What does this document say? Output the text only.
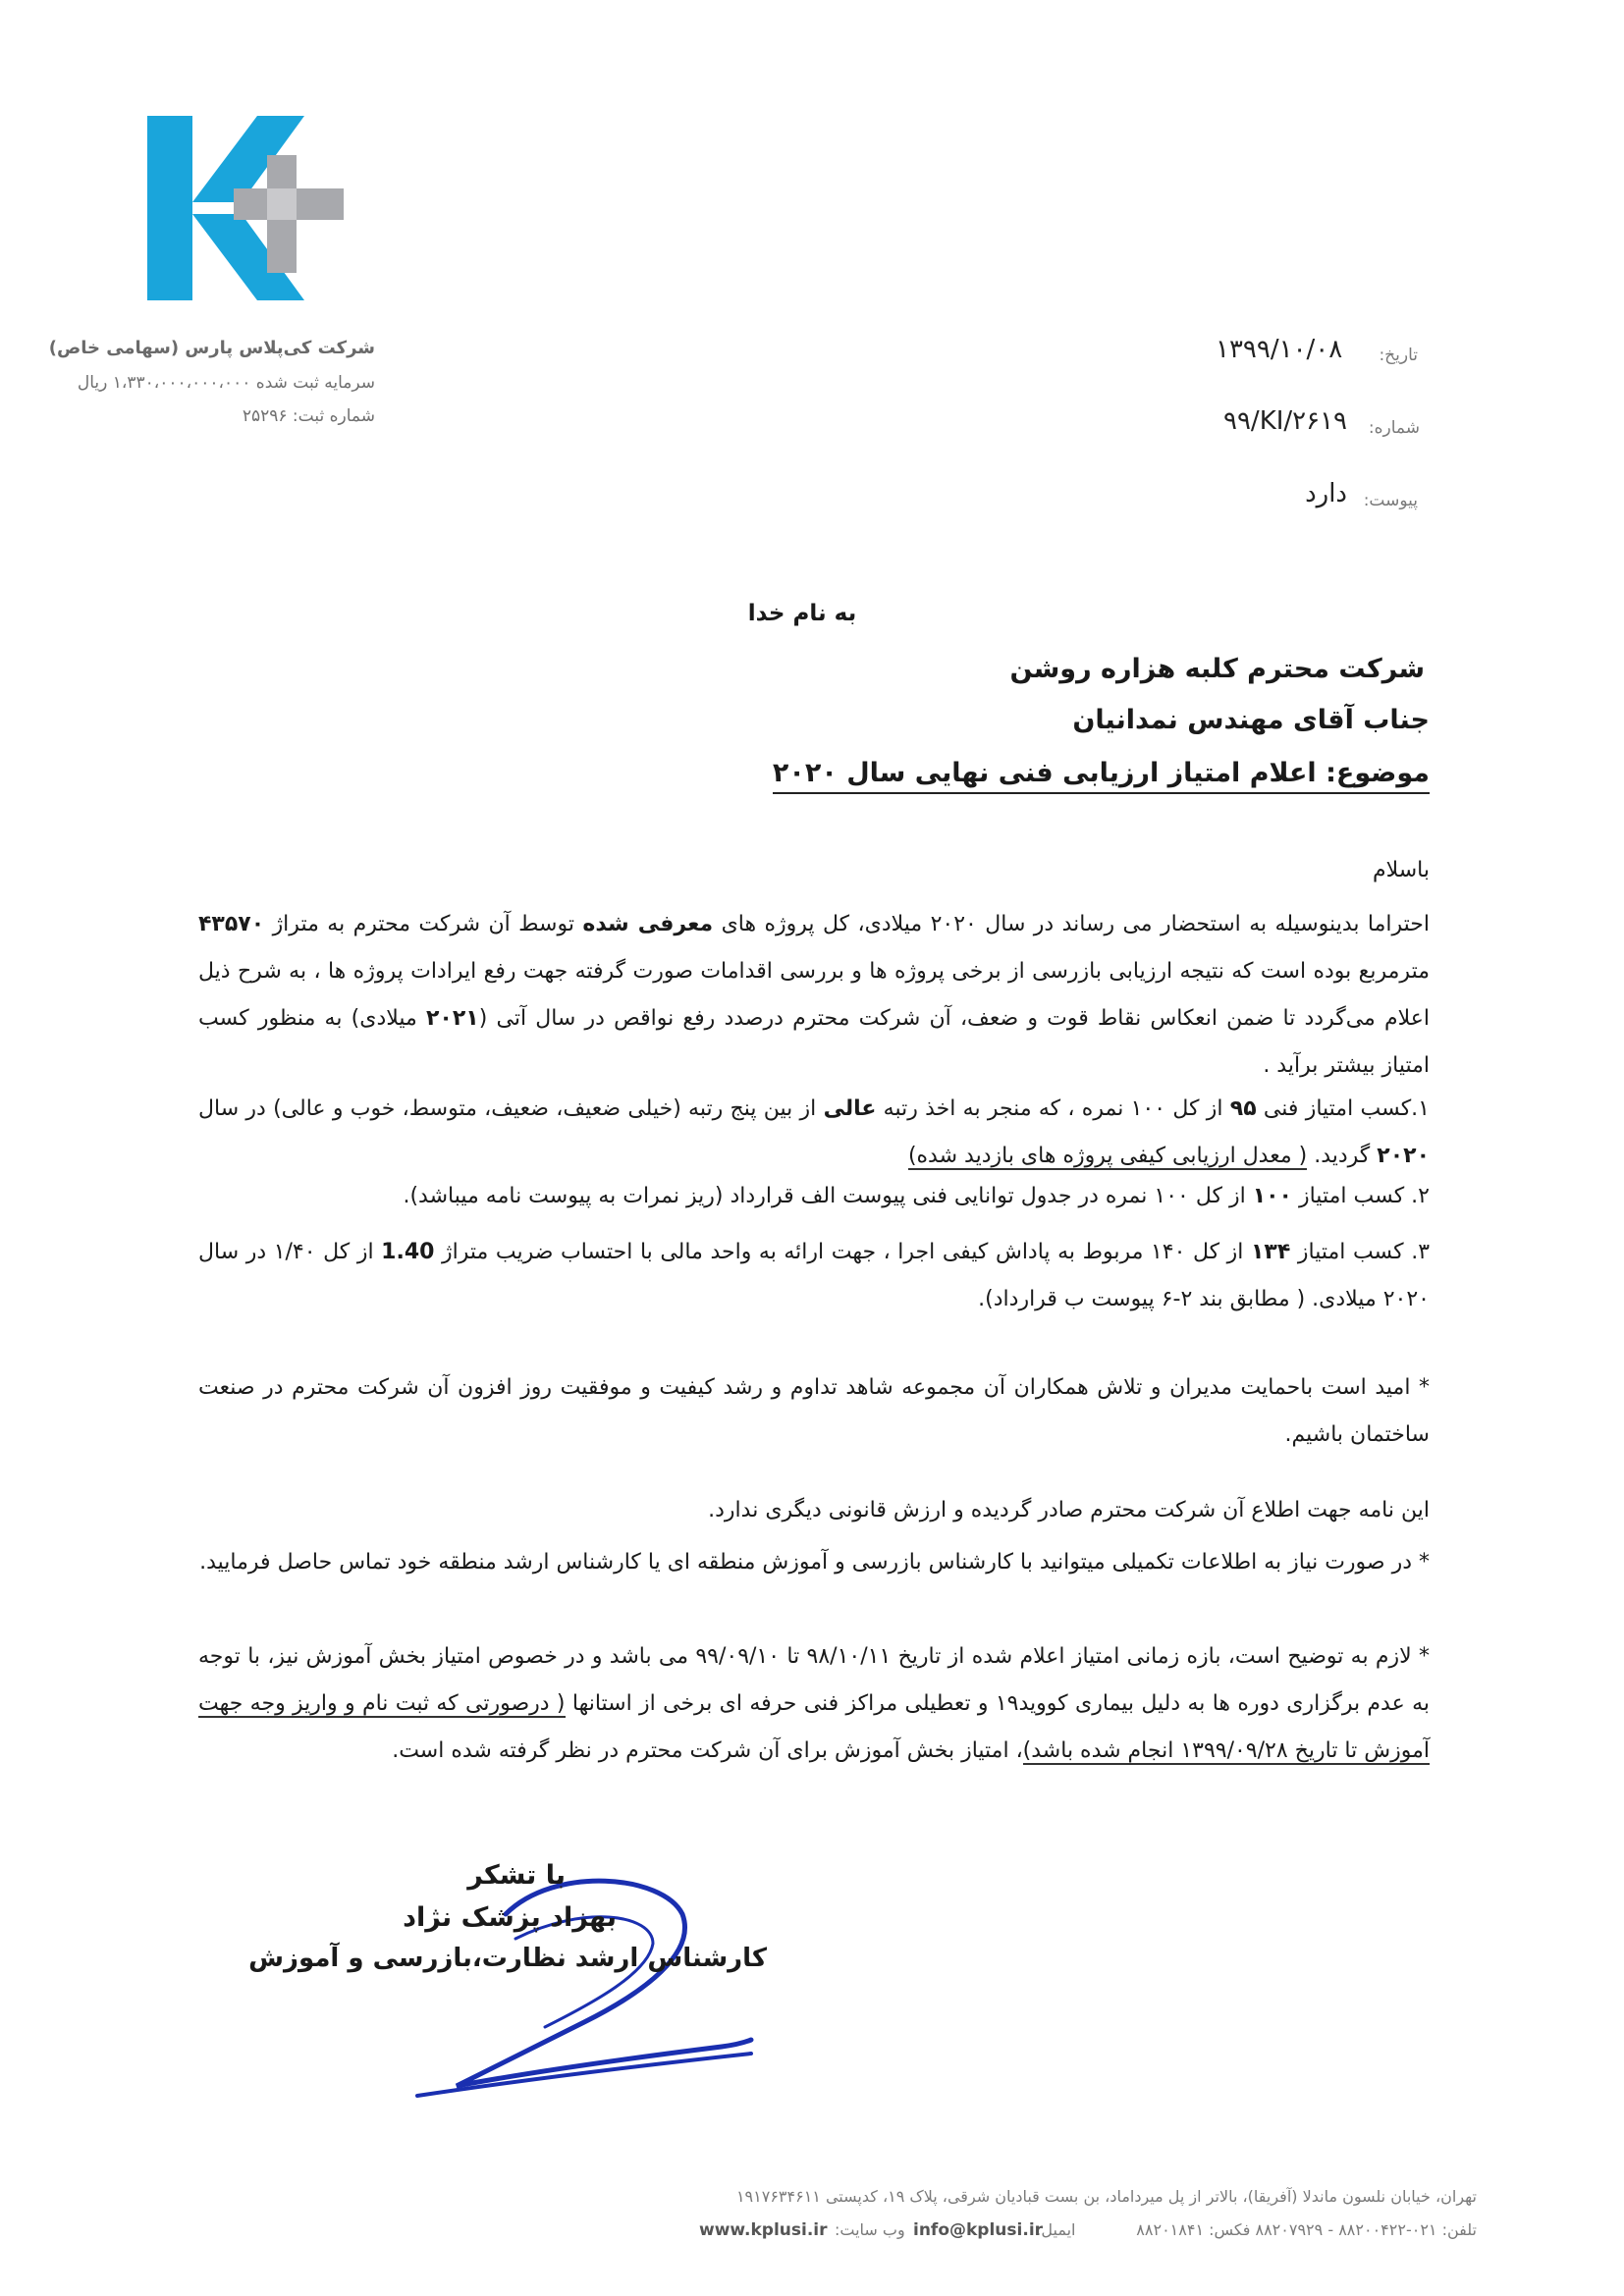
شرکت کی‌پلاس پارس (سهامی خاص)
سرمایه ثبت شده ۱،۳۳۰،۰۰۰،۰۰۰،۰۰۰ ریال
شماره ثبت: ۲۵۲۹۶
تاریخ:
۱۳۹۹/۱۰/۰۸
شماره:
۹۹/KI/۲۶۱۹
پیوست:
دارد
به نام خدا
شرکت محترم کلبه هزاره روشن
جناب آقای مهندس نمدانیان
موضوع: اعلام امتیاز ارزیابی فنی نهایی سال ۲۰۲۰
باسلام
احتراما بدینوسیله به استحضار می رساند در سال ۲۰۲۰ میلادی، کل پروژه های معرفی شده توسط آن شرکت محترم به متراژ ۴۳۵۷۰ مترمربع بوده است که نتیجه ارزیابی بازرسی از برخی پروژه ها و بررسی اقدامات صورت گرفته جهت رفع ایرادات پروژه ها ، به شرح ذیل اعلام می‌گردد تا ضمن انعکاس نقاط قوت و ضعف، آن شرکت محترم درصدد رفع نواقص در سال آتی (۲۰۲۱ میلادی) به منظور کسب امتیاز بیشتر برآید .
۱.کسب امتیاز فنی ۹۵ از کل ۱۰۰ نمره ، که منجر به اخذ رتبه عالی از بین پنج رتبه (خیلی ضعیف، ضعیف، متوسط، خوب و عالی) در سال ۲۰۲۰ گردید. ( معدل ارزیابی کیفی پروژه های بازدید شده)
۲. کسب امتیاز ۱۰۰ از کل ۱۰۰ نمره در جدول توانایی فنی پیوست الف قرارداد (ریز نمرات به پیوست نامه میباشد).
۳. کسب امتیاز ۱۳۴ از کل ۱۴۰ مربوط به پاداش کیفی اجرا ، جهت ارائه به واحد مالی با احتساب ضریب متراژ 1.40 از کل ۱/۴۰ در سال ۲۰۲۰ میلادی. ( مطابق بند ۲-۶ پیوست ب قرارداد).
* امید است باحمایت مدیران و تلاش همکاران آن مجموعه شاهد تداوم و رشد کیفیت و موفقیت روز افزون آن شرکت محترم در صنعت ساختمان باشیم.
این نامه جهت اطلاع آن شرکت محترم صادر گردیده و ارزش قانونی دیگری ندارد.
* در صورت نیاز به اطلاعات تکمیلی میتوانید با کارشناس بازرسی و آموزش منطقه ای یا کارشناس ارشد منطقه خود تماس حاصل فرمایید.
* لازم به توضیح است، بازه زمانی امتیاز اعلام شده از تاریخ ۹۸/۱۰/۱۱ تا ۹۹/۰۹/۱۰ می باشد و در خصوص امتیاز بخش آموزش نیز، با توجه به عدم برگزاری دوره ها به دلیل بیماری کووید۱۹ و تعطیلی مراکز فنی حرفه ای برخی از استانها ( درصورتی که ثبت نام و واریز وجه جهت آموزش تا تاریخ ۱۳۹۹/۰۹/۲۸ انجام شده باشد)، امتیاز بخش آموزش برای آن شرکت محترم در نظر گرفته شده است.
با تشکر
بهزاد پزشک نژاد
کارشناس ارشد نظارت،بازرسی و آموزش
تهران، خیابان نلسون ماندلا (آفریقا)، بالاتر از پل میرداماد، بن بست قبادیان شرقی، پلاک ۱۹، کدپستی ۱۹۱۷۶۳۴۶۱۱
تلفن: ۰۲۱-۸۸۲۰۰۴۲۲ - ۸۸۲۰۷۹۲۹ فکس: ۸۸۲۰۱۸۴۱
ایمیل:
info@kplusi.ir
وب سایت:
www.kplusi.ir
